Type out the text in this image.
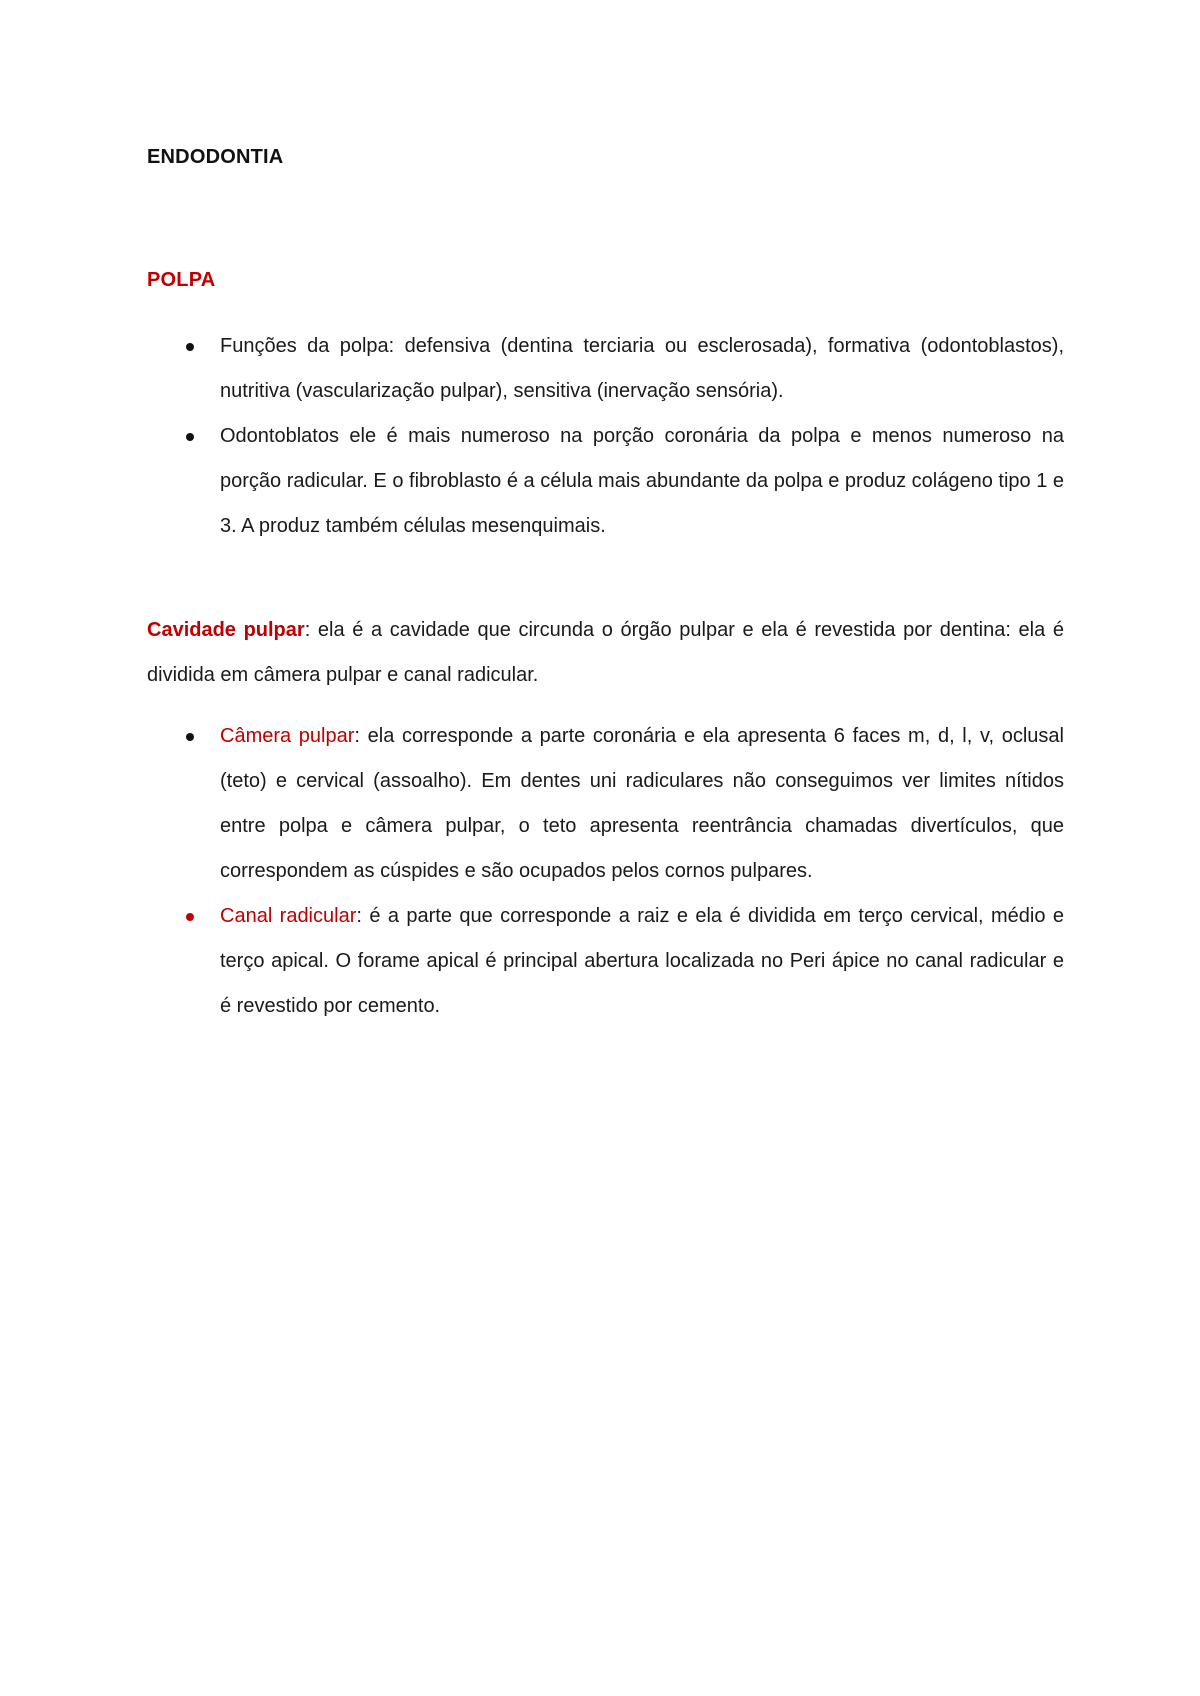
ENDODONTIA
POLPA
Funções da polpa: defensiva (dentina terciaria ou esclerosada), formativa (odontoblastos), nutritiva (vascularização pulpar), sensitiva (inervação sensória).
Odontoblatos ele é mais numeroso na porção coronária da polpa e menos numeroso na porção radicular. E o fibroblasto é a célula mais abundante da polpa e produz colágeno tipo 1 e 3. A produz também células mesenquimais.

Cavidade pulpar: ela é a cavidade que circunda o órgão pulpar e ela é revestida por dentina: ela é dividida em câmera pulpar e canal radicular.

Câmera pulpar: ela corresponde a parte coronária e ela apresenta 6 faces m, d, l, v, oclusal (teto) e cervical (assoalho). Em dentes uni radiculares não conseguimos ver limites nítidos entre polpa e câmera pulpar, o teto apresenta reentrância chamadas divertículos, que correspondem as cúspides e são ocupados pelos cornos pulpares.
Canal radicular: é a parte que corresponde a raiz e ela é dividida em terço cervical, médio e terço apical. O forame apical é principal abertura localizada no Peri ápice no canal radicular e é revestido por cemento.
